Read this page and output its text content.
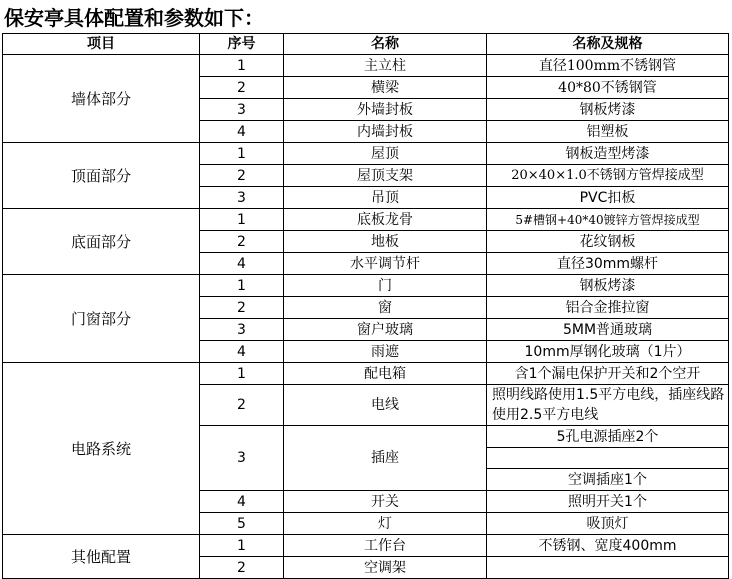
保安亭具体配置和参数如下：
项目	序号	名称	名称及规格
墙体部分	1	主立柱	直径100mm不锈钢管
	2	横梁	40*80不锈钢管
	3	外墙封板	钢板烤漆
	4	内墙封板	铝塑板
顶面部分	1	屋顶	钢板造型烤漆
	2	屋顶支架	20×40×1.0不锈钢方管焊接成型
	3	吊顶	PVC扣板
底面部分	1	底板龙骨	5#槽钢+40*40镀锌方管焊接成型
	2	地板	花纹钢板
	4	水平调节杆	直径30mm螺杆
门窗部分	1	门	钢板烤漆
	2	窗	铝合金推拉窗
	3	窗户玻璃	5MM普通玻璃
	4	雨遮	10mm厚钢化玻璃（1片）
电路系统	1	配电箱	含1个漏电保护开关和2个空开
	2	电线	照明线路使用1.5平方电线，插座线路使用2.5平方电线
	3	插座	5孔电源插座2个

			空调插座1个
	4	开关	照明开关1个
	5	灯	吸顶灯
其他配置	1	工作台	不锈钢、宽度400mm
	2	空调架	
